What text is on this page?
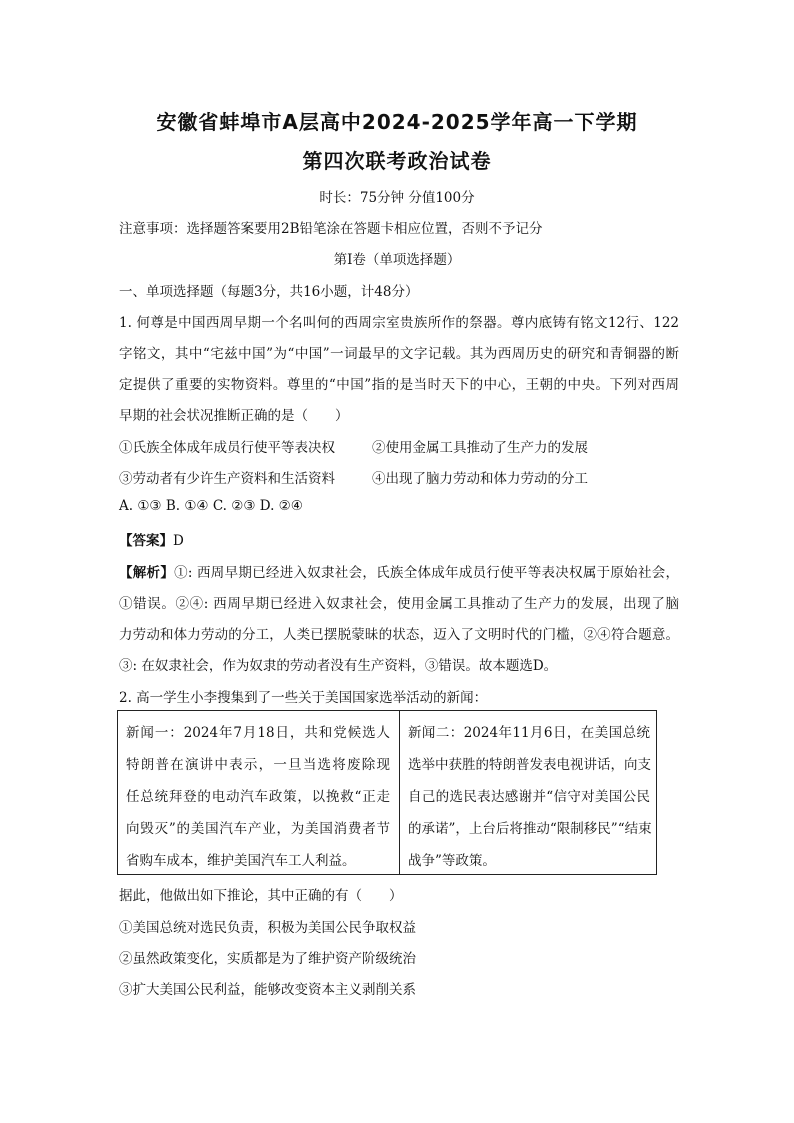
安徽省蚌埠市A层高中2024-2025学年高一下学期
第四次联考政治试卷
时长：75分钟 分值100分
注意事项：选择题答案要用2B铅笔涂在答题卡相应位置，否则不予记分
第Ⅰ卷（单项选择题）
一、单项选择题（每题3分，共16小题，计48分）
1. 何尊是中国西周早期一个名叫何的西周宗室贵族所作的祭器。尊内底铸有铭文12行、122
字铭文，其中“宅兹中国”为“中国”一词最早的文字记载。其为西周历史的研究和青铜器的断
定提供了重要的实物资料。尊里的“中国”指的是当时天下的中心，王朝的中央。下列对西周
早期的社会状况推断正确的是（　　）
①氏族全体成年成员行使平等表决权	②使用金属工具推动了生产力的发展
③劳动者有少许生产资料和生活资料	④出现了脑力劳动和体力劳动的分工
A. ①③ B. ①④ C. ②③ D. ②④
【答案】D
【解析】①: 西周早期已经进入奴隶社会，氏族全体成年成员行使平等表决权属于原始社会，
①错误。②④: 西周早期已经进入奴隶社会，使用金属工具推动了生产力的发展，出现了脑
力劳动和体力劳动的分工，人类已摆脱蒙昧的状态，迈入了文明时代的门槛，②④符合题意。
③: 在奴隶社会，作为奴隶的劳动者没有生产资料，③错误。故本题选D。
2. 高一学生小李搜集到了一些关于美国国家选举活动的新闻：
新闻一：2024年7月18日，共和党候选人
特朗普在演讲中表示，一旦当选将废除现
任总统拜登的电动汽车政策，以挽救“正走
向毁灭”的美国汽车产业，为美国消费者节
省购车成本，维护美国汽车工人利益。
新闻二：2024年11月6日，在美国总统
选举中获胜的特朗普发表电视讲话，向支
自己的选民表达感谢并“信守对美国公民
的承诺”，上台后将推动“限制移民”“结束
战争”等政策。
据此，他做出如下推论，其中正确的有（　　）
①美国总统对选民负责，积极为美国公民争取权益
②虽然政策变化，实质都是为了维护资产阶级统治
③扩大美国公民利益，能够改变资本主义剥削关系
